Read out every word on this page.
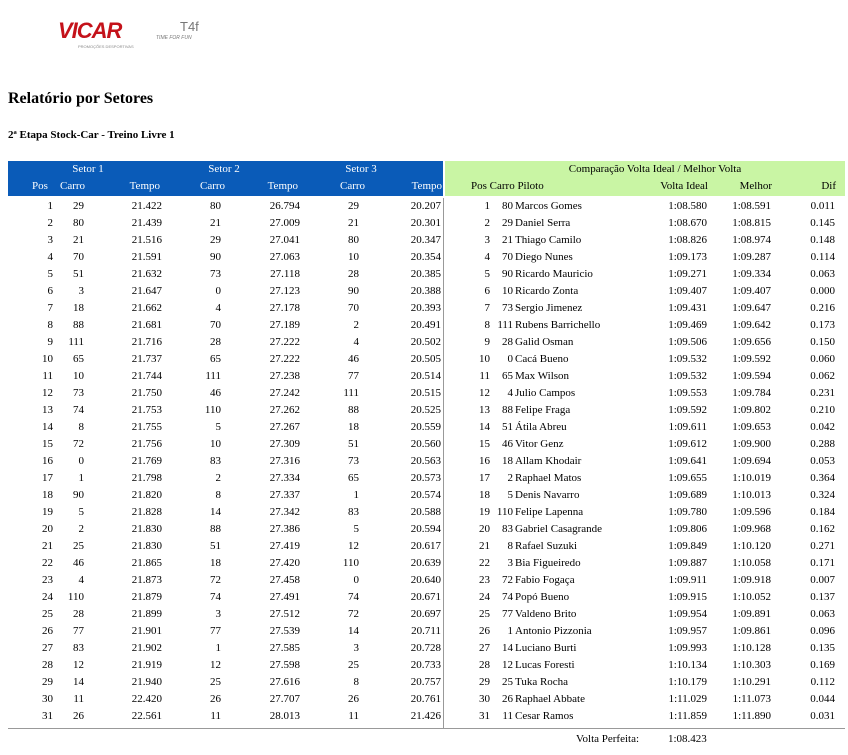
VICAR
PROMOÇÕES DESPORTIVAS
T4f
TIME FOR FUN
Relatório por Setores
2ª Etapa Stock-Car - Treino Livre 1
Setor 1	Setor 2	Setor 3
Pos Carro	Tempo	Carro	Tempo	Carro	Tempo
Comparação Volta Ideal / Melhor Volta
Pos Carro Piloto	Volta Ideal	Melhor	Dif
1 29	21.422	80	26.794	29	20.207	1 80 Marcos Gomes	1:08.580 1:08.591	0.011
2 80	21.439	21	27.009	21	20.301	2 29 Daniel Serra	1:08.670 1:08.815	0.145
3 21	21.516	29	27.041	80	20.347	3 21 Thiago Camilo	1:08.826 1:08.974	0.148
4 70	21.591	90	27.063	10	20.354	4 70 Diego Nunes	1:09.173 1:09.287	0.114
5 51	21.632	73	27.118	28	20.385	5 90 Ricardo Mauricio	1:09.271 1:09.334	0.063
6 3	21.647	0	27.123	90	20.388	6 10 Ricardo Zonta	1:09.407 1:09.407	0.000
7 18	21.662	4	27.178	70	20.393	7 73 Sergio Jimenez	1:09.431 1:09.647	0.216
8 88	21.681	70	27.189	2	20.491	8 111 Rubens Barrichello	1:09.469 1:09.642	0.173
9 111	21.716	28	27.222	4	20.502	9 28 Galid Osman	1:09.506 1:09.656	0.150
10 65	21.737	65	27.222	46	20.505	10 0 Cacá Bueno	1:09.532 1:09.592	0.060
11 10	21.744	111	27.238	77	20.514	11 65 Max Wilson	1:09.532 1:09.594	0.062
12 73	21.750	46	27.242	111	20.515	12 4 Julio Campos	1:09.553 1:09.784	0.231
13 74	21.753	110	27.262	88	20.525	13 88 Felipe Fraga	1:09.592 1:09.802	0.210
14 8	21.755	5	27.267	18	20.559	14 51 Átila Abreu	1:09.611 1:09.653	0.042
15 72	21.756	10	27.309	51	20.560	15 46 Vitor Genz	1:09.612 1:09.900	0.288
16 0	21.769	83	27.316	73	20.563	16 18 Allam Khodair	1:09.641 1:09.694	0.053
17 1	21.798	2	27.334	65	20.573	17 2 Raphael Matos	1:09.655 1:10.019	0.364
18 90	21.820	8	27.337	1	20.574	18 5 Denis Navarro	1:09.689 1:10.013	0.324
19 5	21.828	14	27.342	83	20.588	19 110 Felipe Lapenna	1:09.780 1:09.596	0.184
20 2	21.830	88	27.386	5	20.594	20 83 Gabriel Casagrande	1:09.806 1:09.968	0.162
21 25	21.830	51	27.419	12	20.617	21 8 Rafael Suzuki	1:09.849 1:10.120	0.271
22 46	21.865	18	27.420	110	20.639	22 3 Bia Figueiredo	1:09.887 1:10.058	0.171
23 4	21.873	72	27.458	0	20.640	23 72 Fabio Fogaça	1:09.911 1:09.918	0.007
24 110	21.879	74	27.491	74	20.671	24 74 Popó Bueno	1:09.915 1:10.052	0.137
25 28	21.899	3	27.512	72	20.697	25 77 Valdeno Brito	1:09.954 1:09.891	0.063
26 77	21.901	77	27.539	14	20.711	26 1 Antonio Pizzonia	1:09.957 1:09.861	0.096
27 83	21.902	1	27.585	3	20.728	27 14 Luciano Burti	1:09.993 1:10.128	0.135
28 12	21.919	12	27.598	25	20.733	28 12 Lucas Foresti	1:10.134 1:10.303	0.169
29 14	21.940	25	27.616	8	20.757	29 25 Tuka Rocha	1:10.179 1:10.291	0.112
30 11	22.420	26	27.707	26	20.761	30 26 Raphael Abbate	1:11.029 1:11.073	0.044
31 26	22.561	11	28.013	11	21.426	31 11 Cesar Ramos	1:11.859 1:11.890	0.031
Volta Perfeita:	1:08.423
